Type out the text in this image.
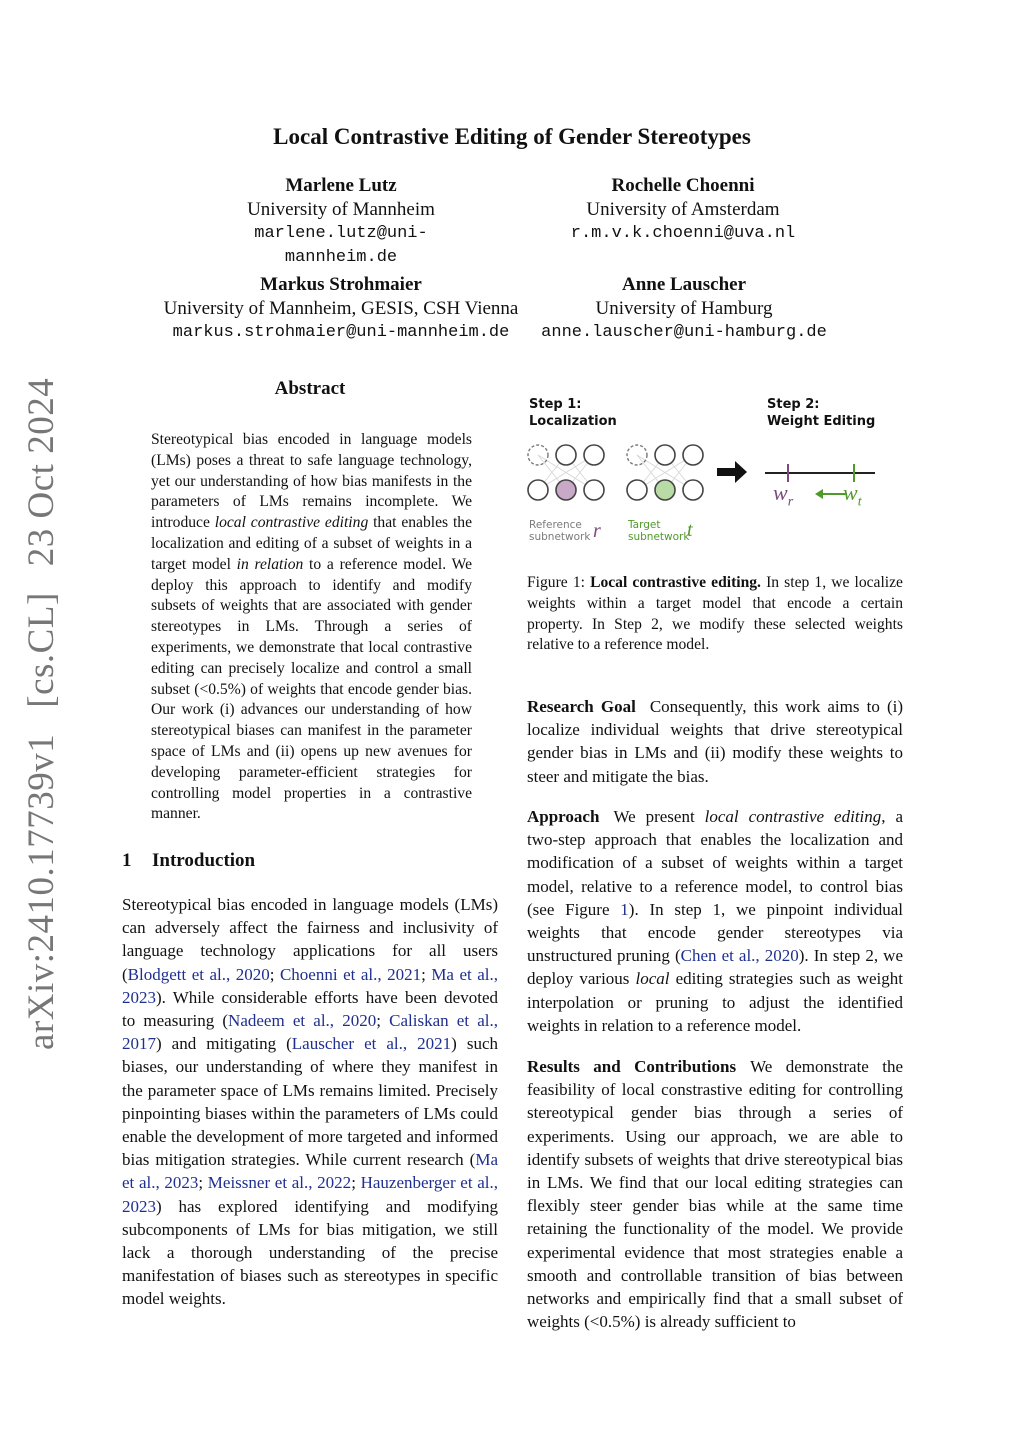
arXiv:2410.17739v1[cs.CL]23 Oct 2024
Local Contrastive Editing of Gender Stereotypes
Marlene Lutz
University of Mannheim
marlene.lutz@uni-mannheim.de
Rochelle Choenni
University of Amsterdam
r.m.v.k.choenni@uva.nl
Markus Strohmaier
University of Mannheim, GESIS, CSH Vienna
markus.strohmaier@uni-mannheim.de
Anne Lauscher
University of Hamburg
anne.lauscher@uni-hamburg.de
Abstract
Stereotypical bias encoded in language models (LMs) poses a threat to safe language technology, yet our understanding of how bias manifests in the parameters of LMs remains incomplete. We introduce local contrastive editing that enables the localization and editing of a subset of weights in a target model in relation to a reference model. We deploy this approach to identify and modify subsets of weights that are associated with gender stereotypes in LMs. Through a series of experiments, we demonstrate that local contrastive editing can precisely localize and control a small subset (<0.5%) of weights that encode gender bias. Our work (i) advances our understanding of how stereotypical biases can manifest in the parameter space of LMs and (ii) opens up new avenues for developing parameter-efficient strategies for controlling model properties in a contrastive manner.
1 Introduction
Stereotypical bias encoded in language models (LMs) can adversely affect the fairness and inclusivity of language technology applications for all users (Blodgett et al., 2020; Choenni et al., 2021; Ma et al., 2023). While considerable efforts have been devoted to measuring (Nadeem et al., 2020; Caliskan et al., 2017) and mitigating (Lauscher et al., 2021) such biases, our understanding of where they manifest in the parameter space of LMs remains limited. Precisely pinpointing biases within the parameters of LMs could enable the development of more targeted and informed bias mitigation strategies. While current research (Ma et al., 2023; Meissner et al., 2022; Hauzenberger et al., 2023) has explored identifying and modifying subcomponents of LMs for bias mitigation, we still lack a thorough understanding of the precise manifestation of biases such as stereotypes in specific model weights.
Step 1:
Localization
Step 2:
Weight Editing
$w_r$ $w_t$
Reference
subnetwork r	Target
subnetwork
t
Figure 1: Local contrastive editing. In step 1, we localize weights within a target model that encode a certain property. In Step 2, we modify these selected weights relative to a reference model.

Research Goal Consequently, this work aims to (i) localize individual weights that drive stereotypical gender bias in LMs and (ii) modify these weights to steer and mitigate the bias.

Approach We present local contrastive editing, a two-step approach that enables the localization and modification of a subset of weights within a target model, relative to a reference model, to control bias (see Figure 1). In step 1, we pinpoint individual weights that encode gender stereotypes via unstructured pruning (Chen et al., 2020). In step 2, we deploy various local editing strategies such as weight interpolation or pruning to adjust the identified weights in relation to a reference model.

Results and Contributions We demonstrate the feasibility of local constrastive editing for controlling stereotypical gender bias through a series of experiments. Using our approach, we are able to identify subsets of weights that drive stereotypical bias in LMs. We find that our local editing strategies can flexibly steer gender bias while at the same time retaining the functionality of the model. We provide experimental evidence that most strategies enable a smooth and controllable transition of bias between networks and empirically find that a small subset of weights (<0.5%) is already sufficient to
